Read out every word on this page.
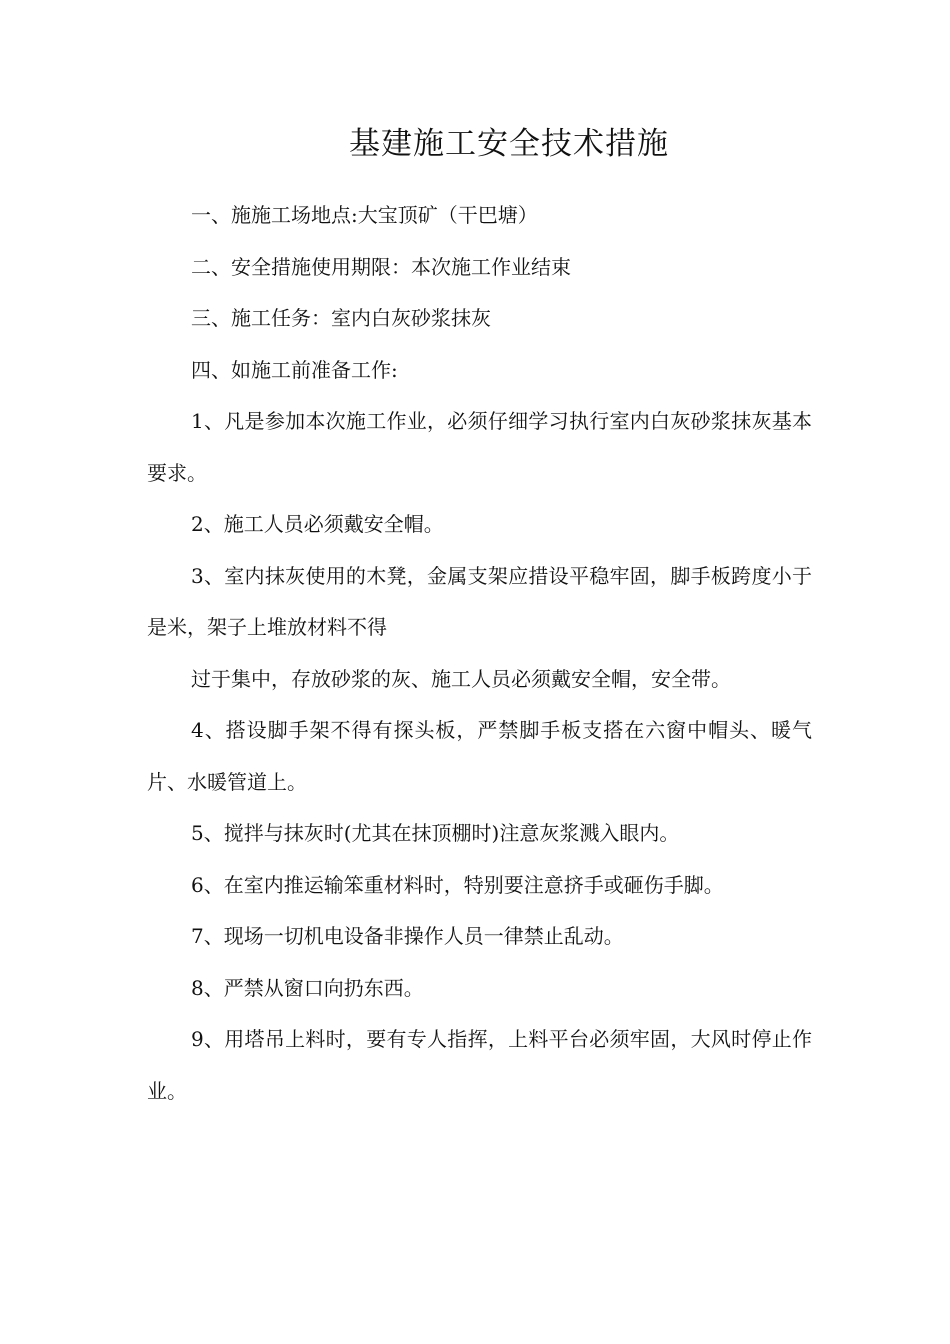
基建施工安全技术措施

一、施施工场地点:大宝顶矿（干巴塘）

二、安全措施使用期限：本次施工作业结束

三、施工任务：室内白灰砂浆抹灰

四、如施工前准备工作:

1、凡是参加本次施工作业，必须仔细学习执行室内白灰砂浆抹灰基本要求。

2、施工人员必须戴安全帽。

3、室内抹灰使用的木凳，金属支架应措设平稳牢固，脚手板跨度小于是米，架子上堆放材料不得

过于集中，存放砂浆的灰、施工人员必须戴安全帽，安全带。

4、搭设脚手架不得有探头板，严禁脚手板支搭在六窗中帽头、暖气片、水暖管道上。

5、搅拌与抹灰时(尤其在抹顶棚时)注意灰浆溅入眼内。

6、在室内推运输笨重材料时，特别要注意挤手或砸伤手脚。

7、现场一切机电设备非操作人员一律禁止乱动。

8、严禁从窗口向扔东西。

9、用塔吊上料时，要有专人指挥，上料平台必须牢固，大风时停止作业。
